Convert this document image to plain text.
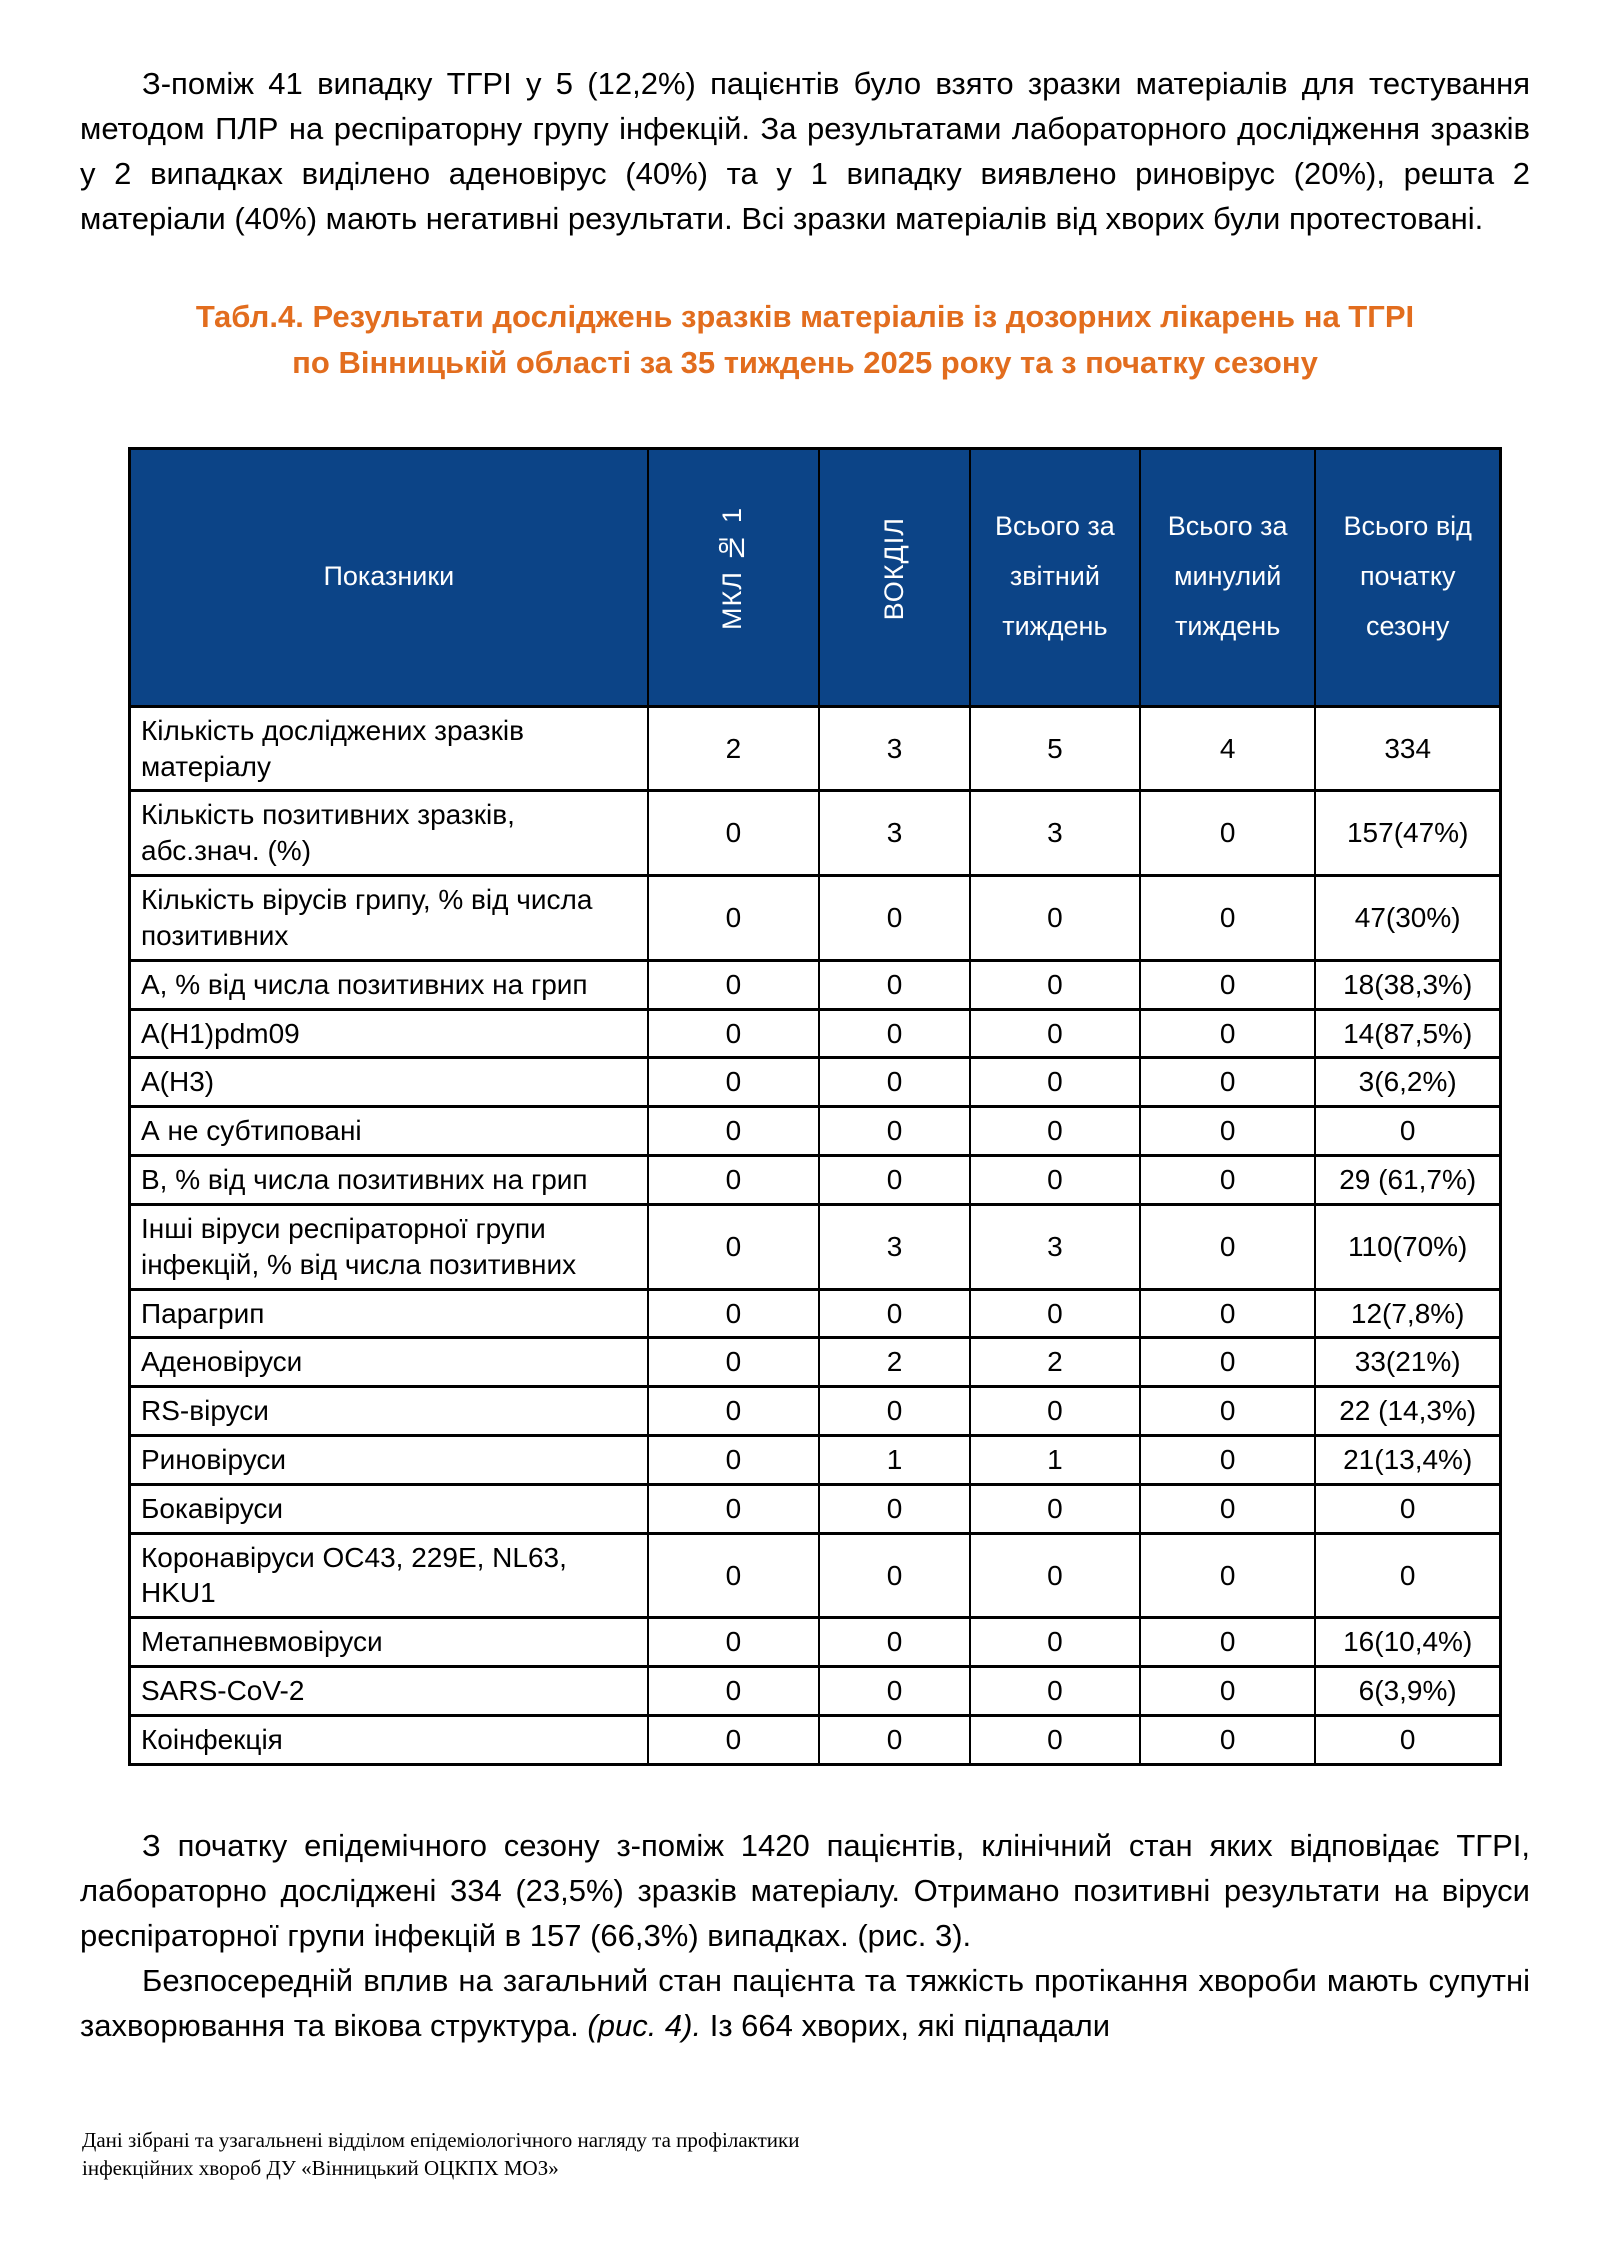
З-поміж 41 випадку ТГРІ у 5 (12,2%) пацієнтів було взято зразки матеріалів для тестування методом ПЛР на респіраторну групу інфекцій. За результатами лабораторного дослідження зразків у 2 випадках виділено аденовірус (40%) та у 1 випадку виявлено риновірус (20%), решта 2 матеріали (40%) мають негативні результати. Всі зразки матеріалів від хворих були протестовані.

Табл.4. Результати досліджень зразків матеріалів із дозорних лікарень на ТГРІ
по Вінницькій області за 35 тиждень 2025 року та з початку сезону
Показники	МКЛ № 1	ВОКДІЛ	Всього за звітний тиждень	Всього за минулий тиждень	Всього від початку сезону
Кількість досліджених зразків матеріалу	2	3	5	4	334
Кількість позитивних зразків, абс.знач. (%)	0	3	3	0	157(47%)
Кількість вірусів грипу, % від числа позитивних	0	0	0	0	47(30%)
А, % від числа позитивних на грип	0	0	0	0	18(38,3%)
A(H1)pdm09	0	0	0	0	14(87,5%)
A(H3)	0	0	0	0	3(6,2%)
А не субтиповані	0	0	0	0	0
В, % від числа позитивних на грип	0	0	0	0	29 (61,7%)
Інші віруси респіраторної групи інфекцій, % від числа позитивних	0	3	3	0	110(70%)
Парагрип	0	0	0	0	12(7,8%)
Аденовіруси	0	2	2	0	33(21%)
RS-віруси	0	0	0	0	22 (14,3%)
Риновіруси	0	1	1	0	21(13,4%)
Бокавіруси	0	0	0	0	0
Коронавіруси OC43, 229E, NL63, HKU1	0	0	0	0	0
Метапневмовіруси	0	0	0	0	16(10,4%)
SARS-CoV-2	0	0	0	0	6(3,9%)
Коінфекція	0	0	0	0	0

З початку епідемічного сезону з-поміж 1420 пацієнтів, клінічний стан яких відповідає ТГРІ, лабораторно досліджені 334 (23,5%) зразків матеріалу. Отримано позитивні результати на віруси респіраторної групи інфекцій в 157 (66,3%) випадках. (рис. 3).

Безпосередній вплив на загальний стан пацієнта та тяжкість протікання хвороби мають супутні захворювання та вікова структура. (рис. 4). Із 664 хворих, які підпадали

Дані зібрані та узагальнені відділом епідеміологічного нагляду та профілактики інфекційних хвороб ДУ «Вінницький ОЦКПХ МОЗ»
